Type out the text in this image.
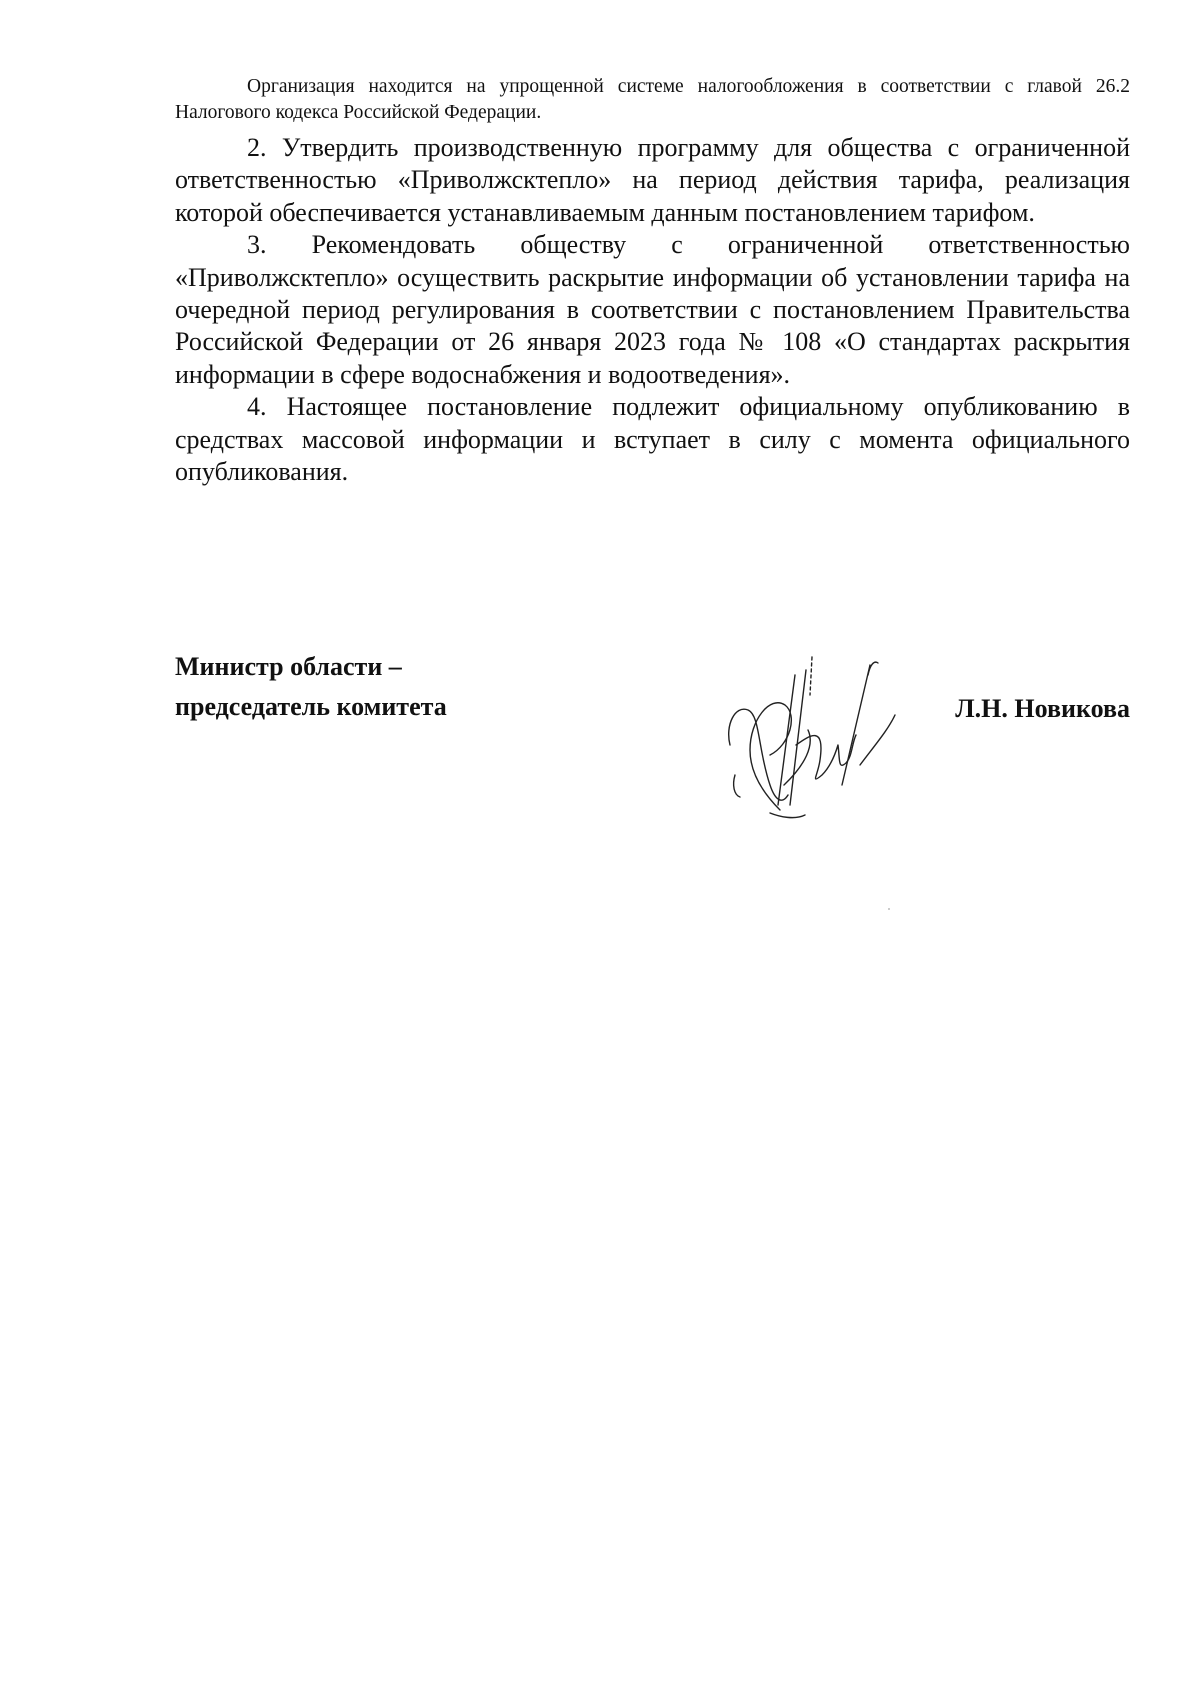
Организация находится на упрощенной системе налогообложения в соответствии с главой 26.2 Налогового кодекса Российской Федерации.

2. Утвердить производственную программу для общества с ограниченной ответственностью «Приволжсктепло» на период действия тарифа, реализация которой обеспечивается устанавливаемым данным постановлением тарифом.

3. Рекомендовать обществу с ограниченной ответственностью «Приволжсктепло» осуществить раскрытие информации об установлении тарифа на очередной период регулирования в соответствии с постановлением Правительства Российской Федерации от 26 января 2023 года № 108 «О стандартах раскрытия информации в сфере водоснабжения и водоотведения».

4. Настоящее постановление подлежит официальному опубликованию в средствах массовой информации и вступает в силу с момента официального опубликования.

Министр области –
председатель комитета	Л.Н. Новикова
